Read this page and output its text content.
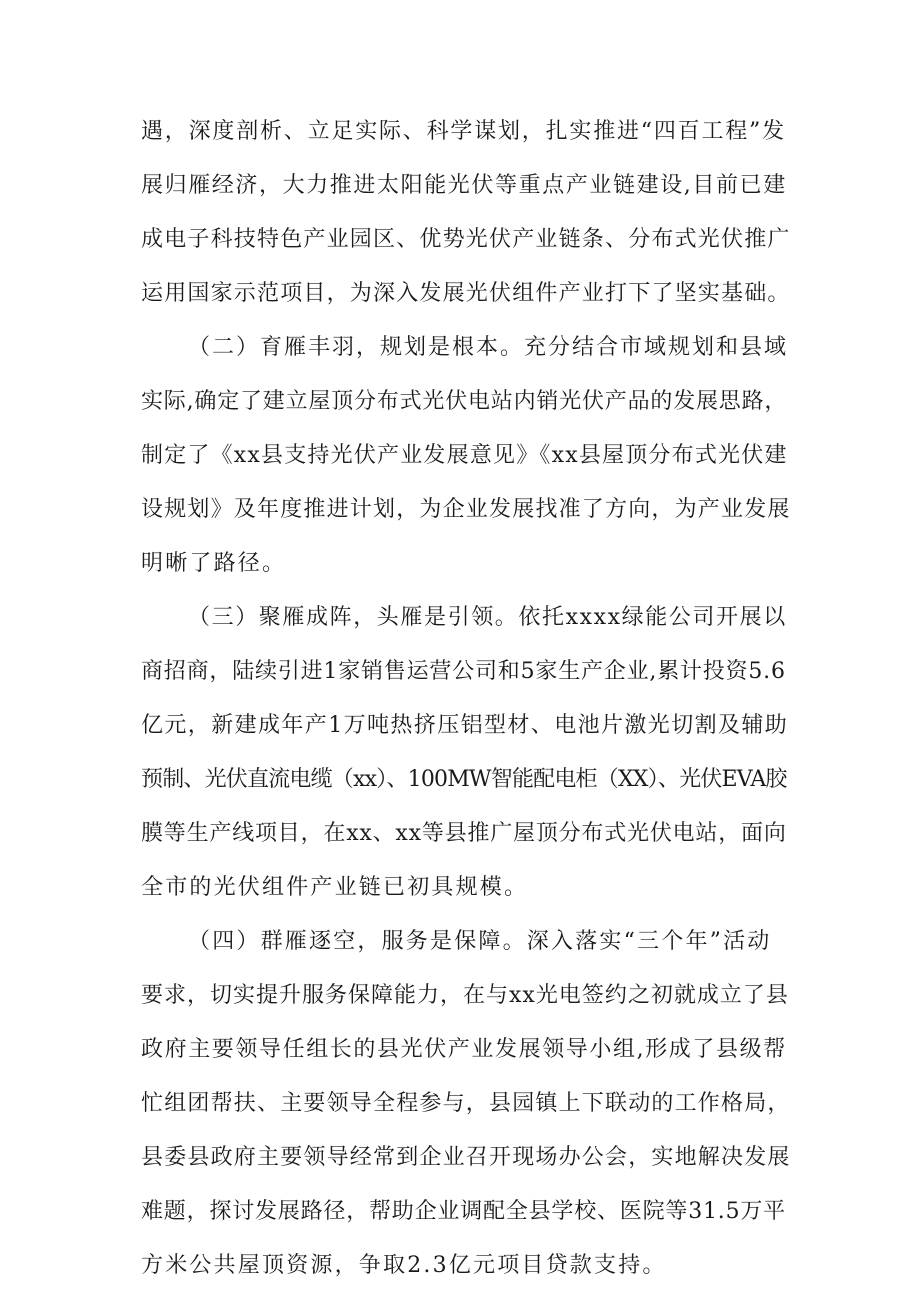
遇，深度剖析、立足实际、科学谋划，扎实推进“四百工程”发
展归雁经济，大力推进太阳能光伏等重点产业链建设,目前已建
成电子科技特色产业园区、优势光伏产业链条、分布式光伏推广
运用国家示范项目，为深入发展光伏组件产业打下了坚实基础。
（二）育雁丰羽，规划是根本。充分结合市域规划和县域
实际,确定了建立屋顶分布式光伏电站内销光伏产品的发展思路，
制定了《xx县支持光伏产业发展意见》《xx县屋顶分布式光伏建
设规划》及年度推进计划，为企业发展找准了方向，为产业发展
明晰了路径。
（三）聚雁成阵，头雁是引领。依托xxxx绿能公司开展以
商招商，陆续引进1家销售运营公司和5家生产企业,累计投资5.6
亿元，新建成年产1万吨热挤压铝型材、电池片激光切割及辅助
预制、光伏直流电缆（xx）、100MW智能配电柜（XX）、光伏EVA胶
膜等生产线项目，在xx、xx等县推广屋顶分布式光伏电站，面向
全市的光伏组件产业链已初具规模。
（四）群雁逐空，服务是保障。深入落实“三个年”活动
要求，切实提升服务保障能力，在与xx光电签约之初就成立了县
政府主要领导任组长的县光伏产业发展领导小组,形成了县级帮
忙组团帮扶、主要领导全程参与，县园镇上下联动的工作格局，
县委县政府主要领导经常到企业召开现场办公会，实地解决发展
难题，探讨发展路径，帮助企业调配全县学校、医院等31.5万平
方米公共屋顶资源，争取2.3亿元项目贷款支持。
